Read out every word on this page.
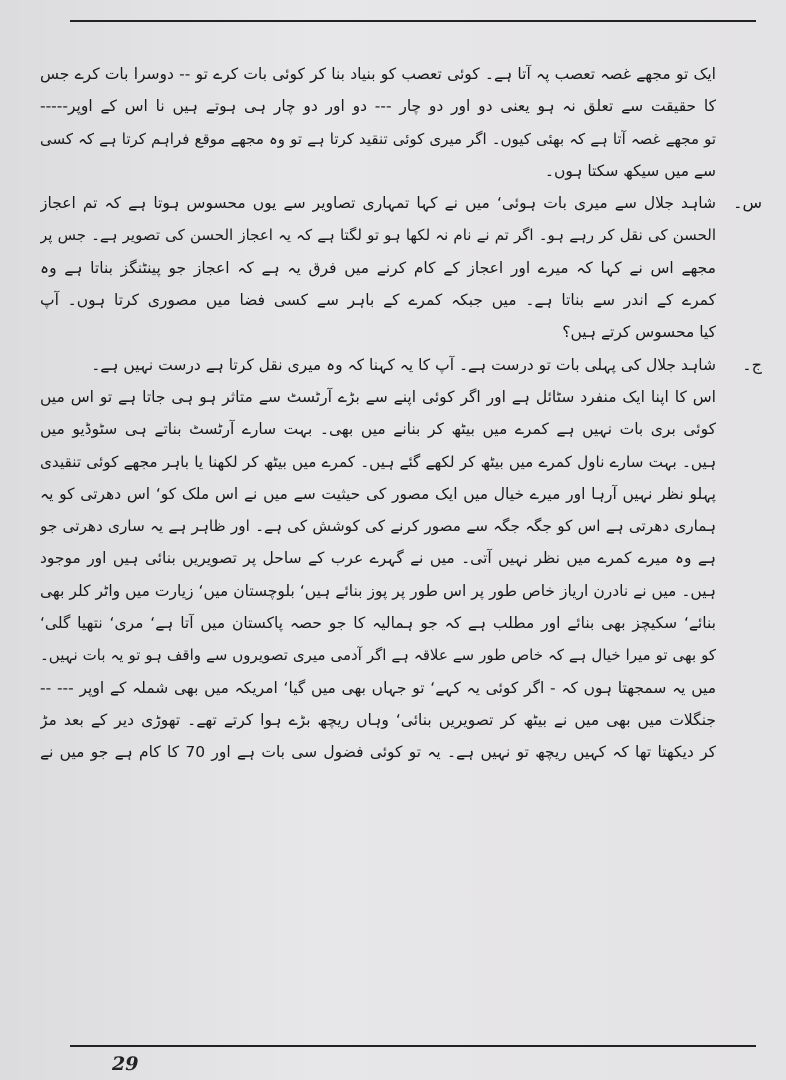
ایک تو مجھے غصہ تعصب پہ آتا ہے۔ کوئی تعصب کو بنیاد بنا کر کوئی بات کرے تو -- دوسرا بات کرے جس
کا حقیقت سے تعلق نہ ہو یعنی دو اور دو چار --- دو اور دو چار ہی ہوتے ہیں نا اس کے اوپر-----
تو مجھے غصہ آتا ہے کہ بھئی کیوں۔ اگر میری کوئی تنقید کرتا ہے تو وہ مجھے موقع فراہم کرتا ہے کہ کسی
سے میں سیکھ سکتا ہوں۔
س۔
شاہد جلال سے میری بات ہوئی‘ میں نے کہا تمہاری تصاویر سے یوں محسوس ہوتا ہے کہ تم اعجاز
الحسن کی نقل کر رہے ہو۔ اگر تم نے نام نہ لکھا ہو تو لگتا ہے کہ یہ اعجاز الحسن کی تصویر ہے۔ جس پر
مجھے اس نے کہا کہ میرے اور اعجاز کے کام کرنے میں فرق یہ ہے کہ اعجاز جو پینٹنگز بناتا ہے وہ
کمرے کے اندر سے بناتا ہے۔ میں جبکہ کمرے کے باہر سے کسی فضا میں مصوری کرتا ہوں۔ آپ
کیا محسوس کرتے ہیں؟
ج۔
شاہد جلال کی پہلی بات تو درست ہے۔ آپ کا یہ کہنا کہ وہ میری نقل کرتا ہے درست نہیں ہے۔
اس کا اپنا ایک منفرد سٹائل ہے اور اگر کوئی اپنے سے بڑے آرٹسٹ سے متاثر ہو ہی جاتا ہے تو اس میں
کوئی بری بات نہیں ہے کمرے میں بیٹھ کر بنانے میں بھی۔ بہت سارے آرٹسٹ بناتے ہی سٹوڈیو میں
ہیں۔ بہت سارے ناول کمرے میں بیٹھ کر لکھے گئے ہیں۔ کمرے میں بیٹھ کر لکھنا یا باہر مجھے کوئی تنقیدی
پہلو نظر نہیں آرہا اور میرے خیال میں ایک مصور کی حیثیت سے میں نے اس ملک کو‘ اس دھرتی کو یہ
ہماری دھرتی ہے اس کو جگہ جگہ سے مصور کرنے کی کوشش کی ہے۔ اور ظاہر ہے یہ ساری دھرتی جو
ہے وہ میرے کمرے میں نظر نہیں آتی۔ میں نے گہرے عرب کے ساحل پر تصویریں بنائی ہیں اور موجود
ہیں۔ میں نے نادرن اریاز خاص طور پر اس طور پر پوز بنائے ہیں‘ بلوچستان میں‘ زیارت میں واٹر کلر بھی
بنائے‘ سکیچز بھی بنائے اور مطلب ہے کہ جو ہمالیہ کا جو حصہ پاکستان میں آتا ہے‘ مری‘ نتھیا گلی‘
کو بھی تو میرا خیال ہے کہ خاص طور سے علاقہ ہے اگر آدمی میری تصویروں سے واقف ہو تو یہ بات نہیں۔
میں یہ سمجھتا ہوں کہ - اگر کوئی یہ کہے‘ تو جہاں بھی میں گیا‘ امریکہ میں بھی شملہ کے اوپر --- --
جنگلات میں بھی میں نے بیٹھ کر تصویریں بنائی‘ وہاں ریچھ بڑے ہوا کرتے تھے۔ تھوڑی دیر کے بعد مڑ
کر دیکھتا تھا کہ کہیں ریچھ تو نہیں ہے۔ یہ تو کوئی فضول سی بات ہے اور 70 کا کام ہے جو میں نے
29
